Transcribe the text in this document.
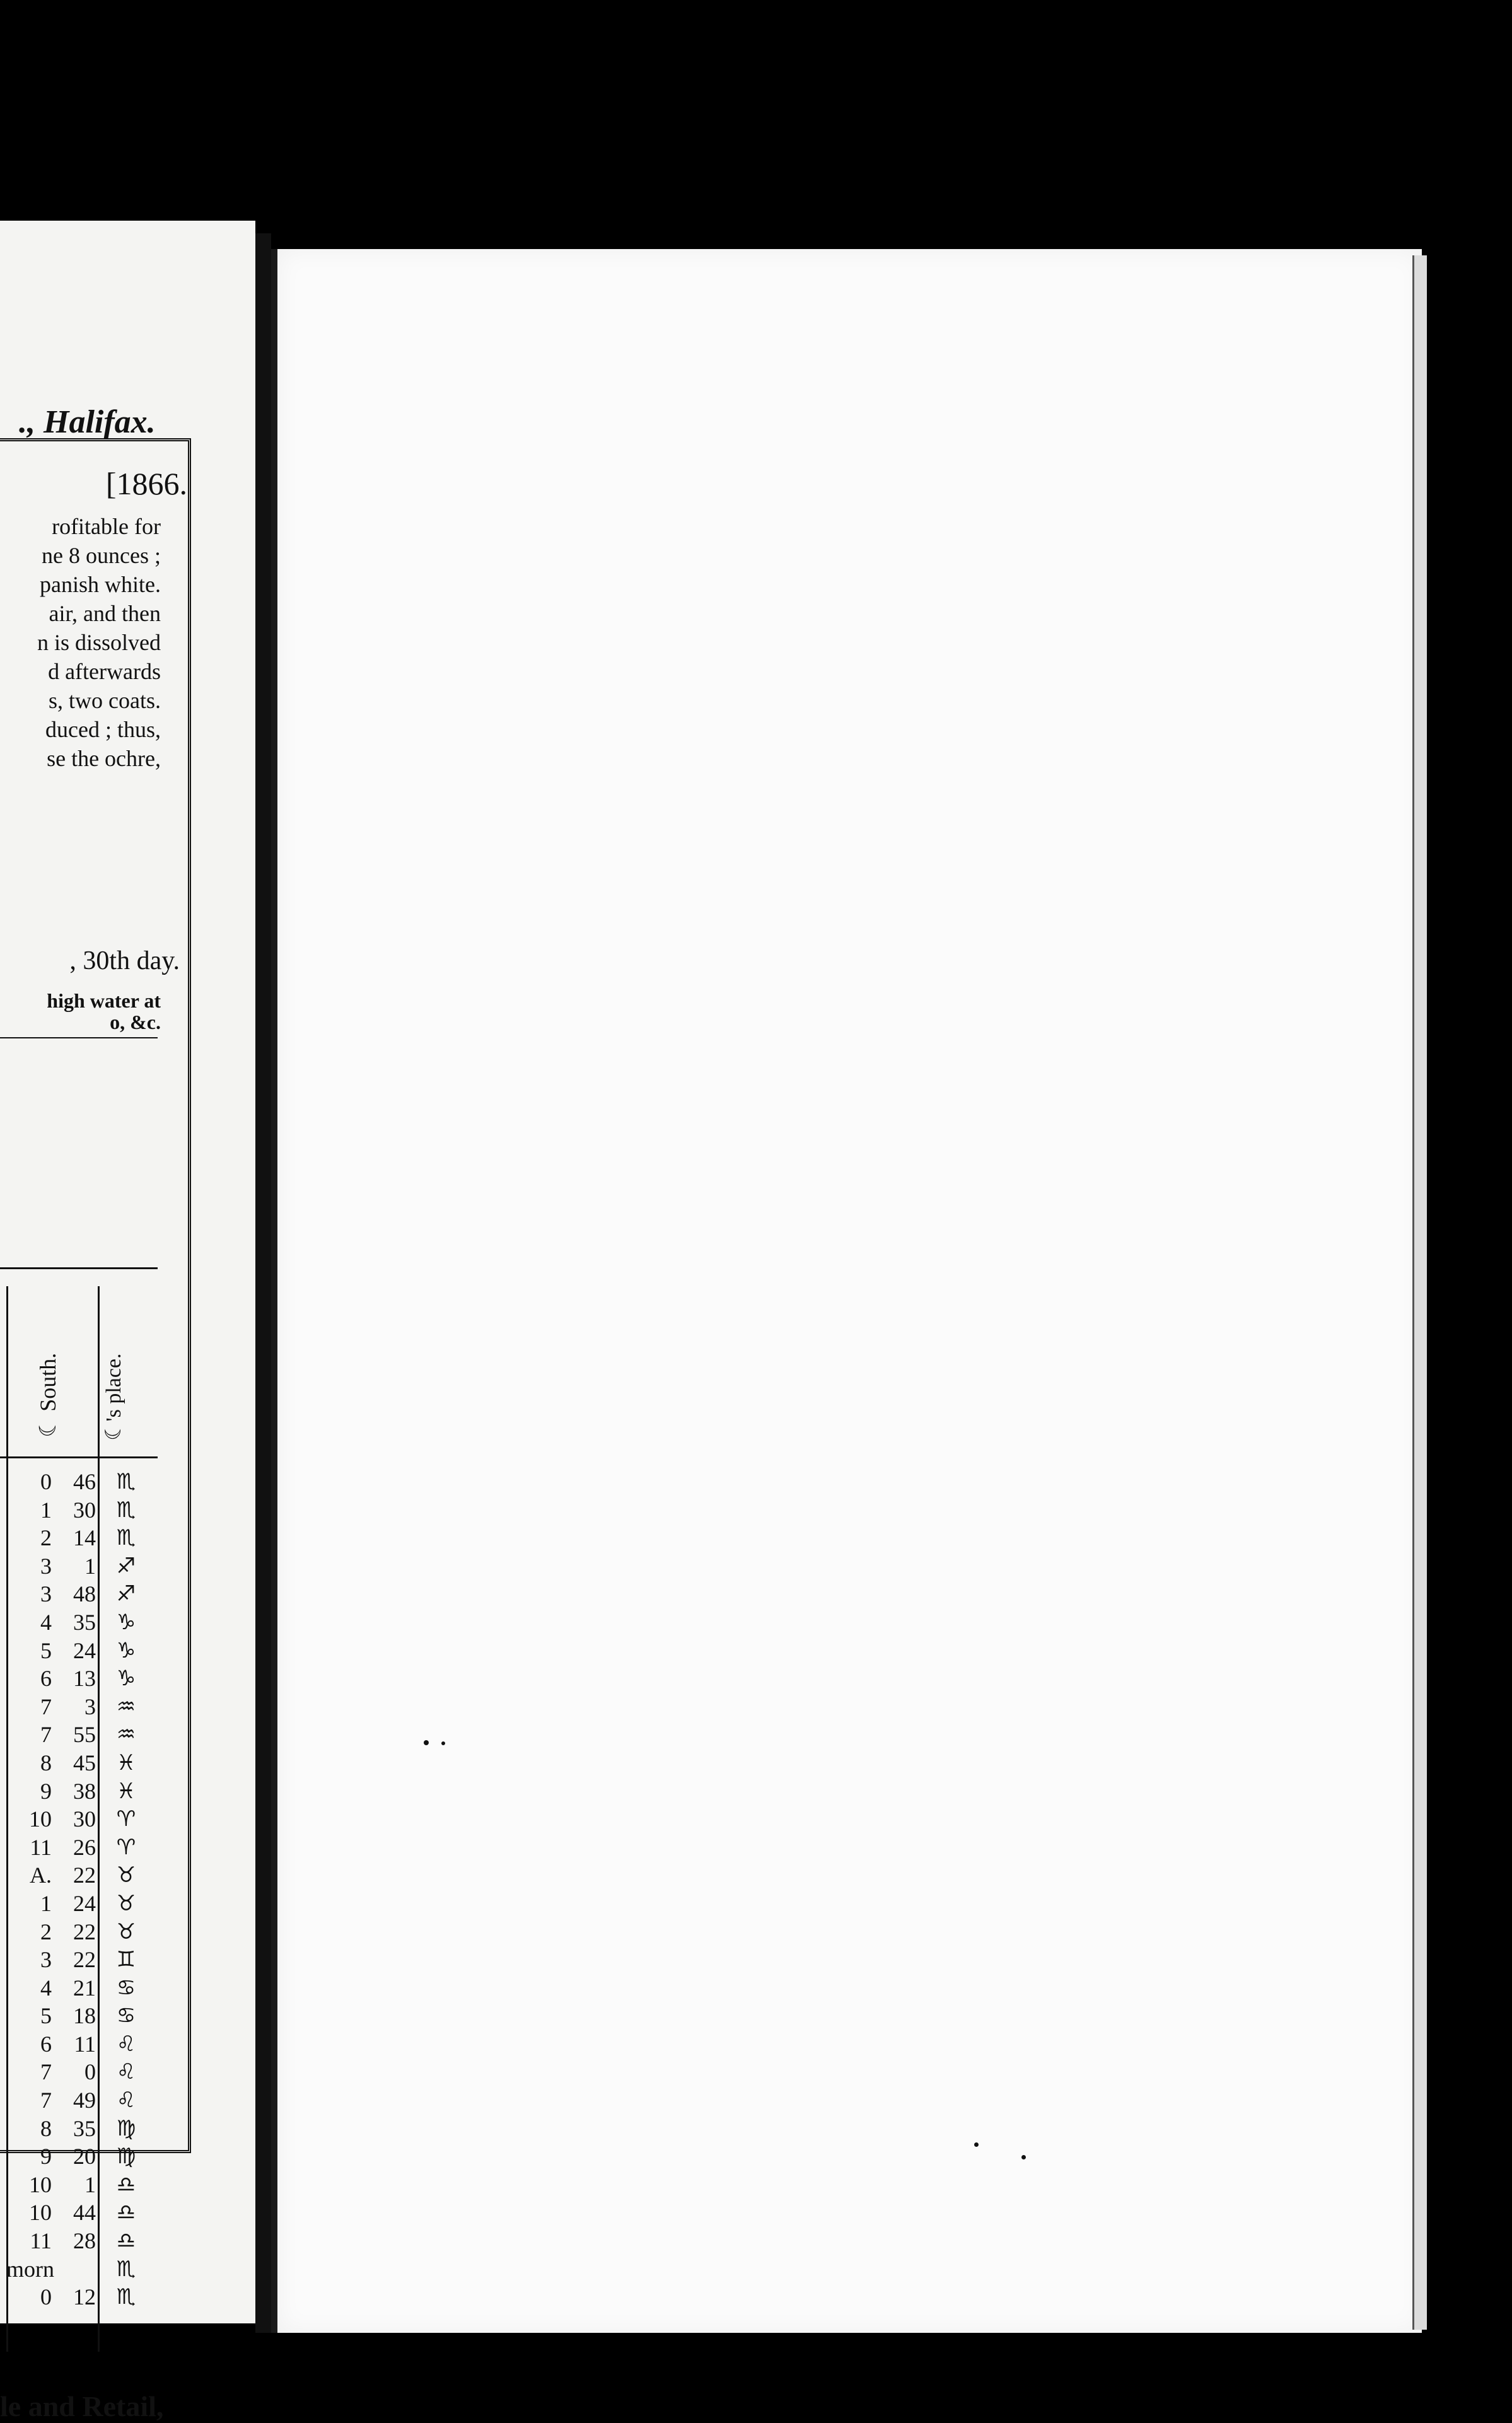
., Halifax.
[1866.
rofitable for
ne 8 ounces ;
panish white.
air, and then
n is dissolved
d afterwards
s, two coats.
duced ; thus,
se the ochre,
, 30th day.
high water at
o, &c.
☾ South. ☾'s place.
0 46 ♏
1 30 ♏
2 14 ♏
3	1 ♐
3 48 ♐
4 35 ♑
5 24 ♑
6 13 ♑
7	3 ♒
7 55 ♒
8 45 ♓
9 38 ♓
10 30 ♈
11 26 ♈
A. 22 ♉
1 24 ♉
2 22 ♉
3 22 ♊
4 21 ♋
5 18 ♋
6 11 ♌
7	0 ♌
7 49 ♌
8 35 ♍
9 20 ♍
10	1 ♎
10 44 ♎
11 28 ♎
morn	♏
0 12 ♏
le and Retail,
